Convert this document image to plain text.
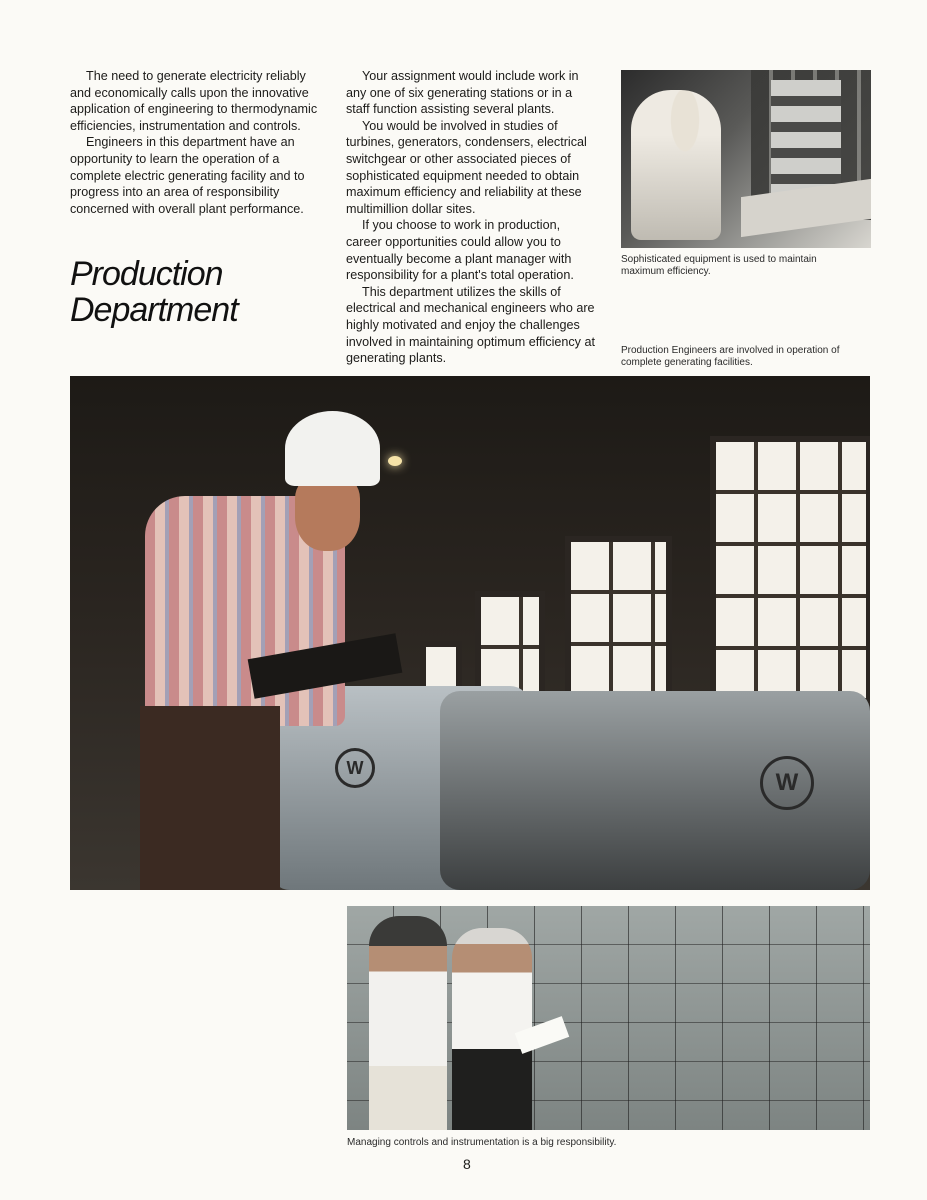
The need to generate electricity reliably and economically calls upon the innovative application of engineering to thermodynamic efficiencies, instrumentation and controls.

Engineers in this department have an opportunity to learn the operation of a complete electric generating facility and to progress into an area of responsibility concerned with overall plant performance.

Production
Department

Your assignment would include work in any one of six generating stations or in a staff function assisting several plants.

You would be involved in studies of turbines, generators, condensers, electrical switchgear or other associated pieces of sophisticated equipment needed to obtain maximum efficiency and reliability at these multimillion dollar sites.

If you choose to work in production, career opportunities could allow you to eventually become a plant manager with responsibility for a plant's total operation.

This department utilizes the skills of electrical and mechanical engineers who are highly motivated and enjoy the challenges involved in maintaining optimum efficiency at generating plants.

Sophisticated equipment is used to maintain maximum efficiency.
Production Engineers are involved in operation of complete generating facilities.
W
W
Managing controls and instrumentation is a big responsibility.
8
